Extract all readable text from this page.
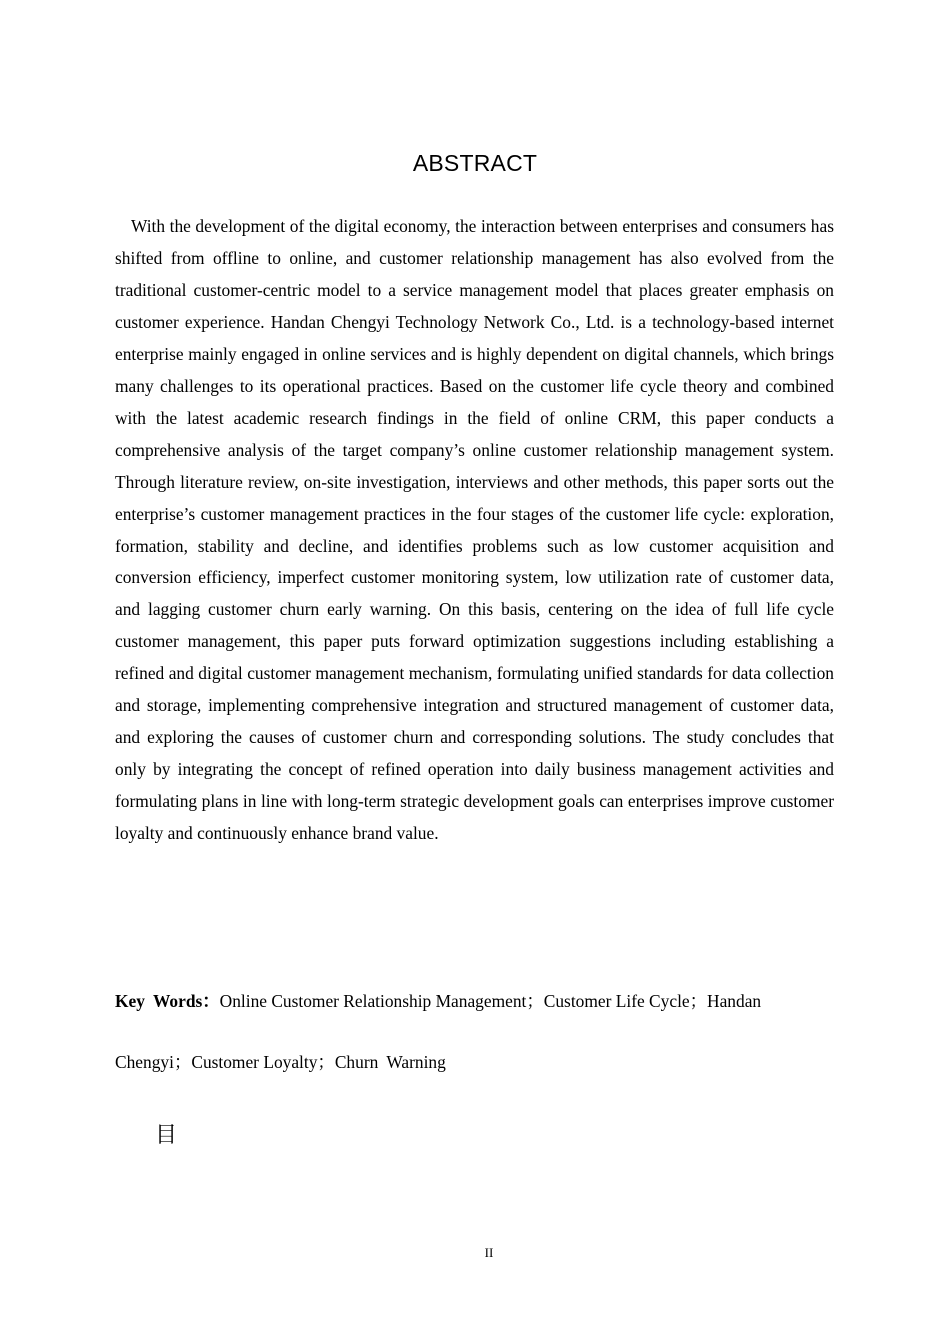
ABSTRACT

With the development of the digital economy, the interaction between enterprises and consumers has shifted from offline to online, and customer relationship management has also evolved from the traditional customer-centric model to a service management model that places greater emphasis on customer experience. Handan Chengyi Technology Network Co., Ltd. is a technology-based internet enterprise mainly engaged in online services and is highly dependent on digital channels, which brings many challenges to its operational practices. Based on the customer life cycle theory and combined with the latest academic research findings in the field of online CRM, this paper conducts a comprehensive analysis of the target company’s online customer relationship management system. Through literature review, on-site investigation, interviews and other methods, this paper sorts out the enterprise’s customer management practices in the four stages of the customer life cycle: exploration, formation, stability and decline, and identifies problems such as low customer acquisition and conversion efficiency, imperfect customer monitoring system, low utilization rate of customer data, and lagging customer churn early warning. On this basis, centering on the idea of full life cycle customer management, this paper puts forward optimization suggestions including establishing a refined and digital customer management mechanism, formulating unified standards for data collection and storage, implementing comprehensive integration and structured management of customer data, and exploring the causes of customer churn and corresponding solutions. The study concludes that only by integrating the concept of refined operation into daily business management activities and formulating plans in line with long-term strategic development goals can enterprises improve customer loyalty and continuously enhance brand value.

Key Words：Online Customer Relationship Management；Customer Life Cycle；Handan Chengyi；Customer Loyalty；Churn Warning

目
II
